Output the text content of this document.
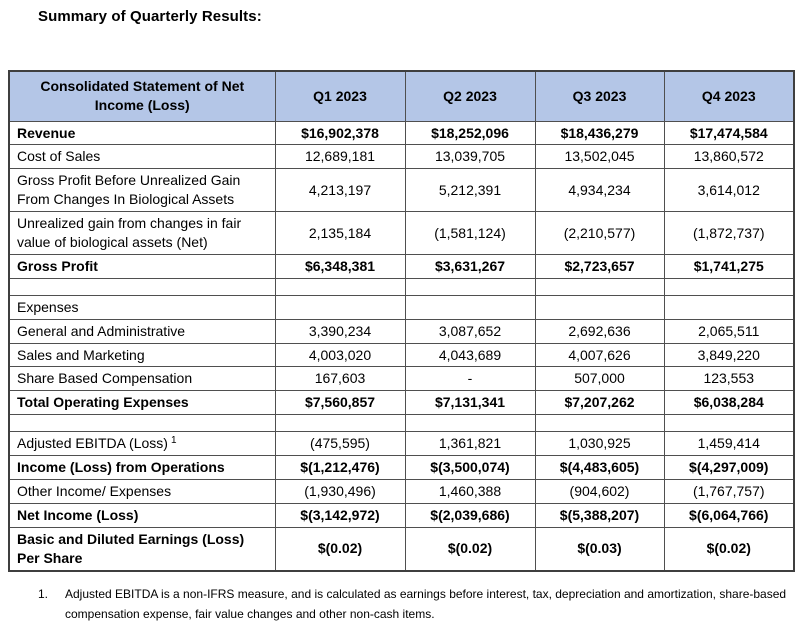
Summary of Quarterly Results:
Consolidated Statement of Net Income (Loss)	Q1 2023	Q2 2023	Q3 2023	Q4 2023
Revenue	$16,902,378	$18,252,096	$18,436,279	$17,474,584
Cost of Sales	12,689,181	13,039,705	13,502,045	13,860,572
Gross Profit Before Unrealized Gain From Changes In Biological Assets	4,213,197	5,212,391	4,934,234	3,614,012
Unrealized gain from changes in fair value of biological assets (Net)	2,135,184	(1,581,124)	(2,210,577)	(1,872,737)
Gross Profit	$6,348,381	$3,631,267	$2,723,657	$1,741,275

Expenses				
General and Administrative	3,390,234	3,087,652	2,692,636	2,065,511
Sales and Marketing	4,003,020	4,043,689	4,007,626	3,849,220
Share Based Compensation	167,603	-	507,000	123,553
Total Operating Expenses	$7,560,857	$7,131,341	$7,207,262	$6,038,284

Adjusted EBITDA (Loss) $^1$	(475,595)	1,361,821	1,030,925	1,459,414
Income (Loss) from Operations	$(1,212,476)	$(3,500,074)	$(4,483,605)	$(4,297,009)
Other Income/ Expenses	(1,930,496)	1,460,388	(904,602)	(1,767,757)
Net Income (Loss)	$(3,142,972)	$(2,039,686)	$(5,388,207)	$(6,064,766)
Basic and Diluted Earnings (Loss) Per Share	$(0.02)	$(0.02)	$(0.03)	$(0.02)
1.	Adjusted EBITDA is a non-IFRS measure, and is calculated as earnings before interest, tax, depreciation and amortization, share-based compensation expense, fair value changes and other non-cash items.
